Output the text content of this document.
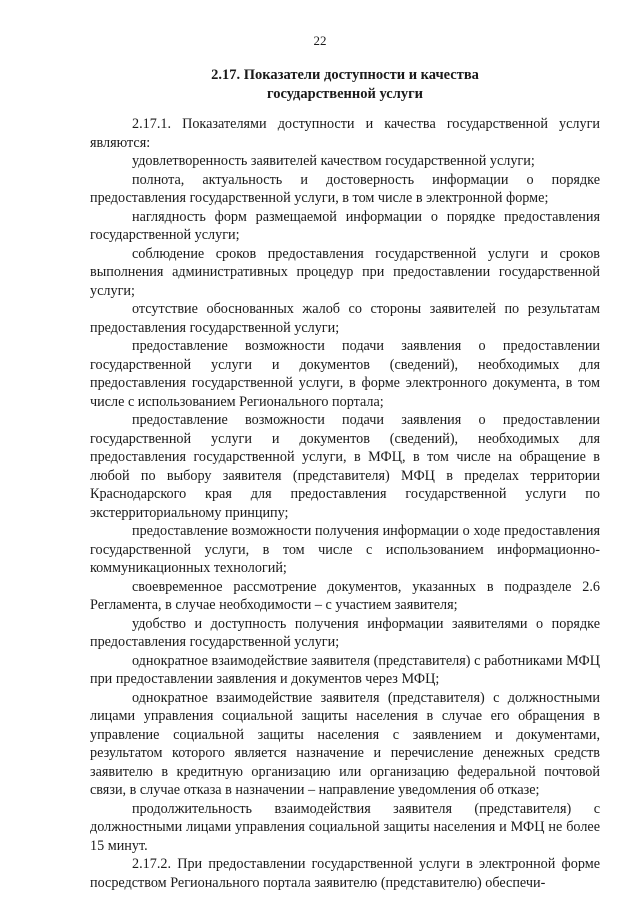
22
2.17. Показатели доступности и качества
государственной услуги

2.17.1. Показателями доступности и качества государственной услуги являются:

удовлетворенность заявителей качеством государственной услуги;

полнота, актуальность и достоверность информации о порядке предоставления государственной услуги, в том числе в электронной форме;

наглядность форм размещаемой информации о порядке предоставления государственной услуги;

соблюдение сроков предоставления государственной услуги и сроков выполнения административных процедур при предоставлении государственной услуги;

отсутствие обоснованных жалоб со стороны заявителей по результатам предоставления государственной услуги;

предоставление возможности подачи заявления о предоставлении государственной услуги и документов (сведений), необходимых для предоставления государственной услуги, в форме электронного документа, в том числе с использованием Регионального портала;

предоставление возможности подачи заявления о предоставлении государственной услуги и документов (сведений), необходимых для предоставления государственной услуги, в МФЦ, в том числе на обращение в любой по выбору заявителя (представителя) МФЦ в пределах территории Краснодарского края для предоставления государственной услуги по экстерриториальному принципу;

предоставление возможности получения информации о ходе предоставления государственной услуги, в том числе с использованием информационно-коммуникационных технологий;

своевременное рассмотрение документов, указанных в подразделе 2.6 Регламента, в случае необходимости – с участием заявителя;

удобство и доступность получения информации заявителями о порядке предоставления государственной услуги;

однократное взаимодействие заявителя (представителя) с работниками МФЦ при предоставлении заявления и документов через МФЦ;

однократное взаимодействие заявителя (представителя) с должностными лицами управления социальной защиты населения в случае его обращения в управление социальной защиты населения с заявлением и документами, результатом которого является назначение и перечисление денежных средств заявителю в кредитную организацию или организацию федеральной почтовой связи, в случае отказа в назначении – направление уведомления об отказе;

продолжительность взаимодействия заявителя (представителя) с должностными лицами управления социальной защиты населения и МФЦ не более 15 минут.

2.17.2. При предоставлении государственной услуги в электронной форме посредством Регионального портала заявителю (представителю) обеспечи-
